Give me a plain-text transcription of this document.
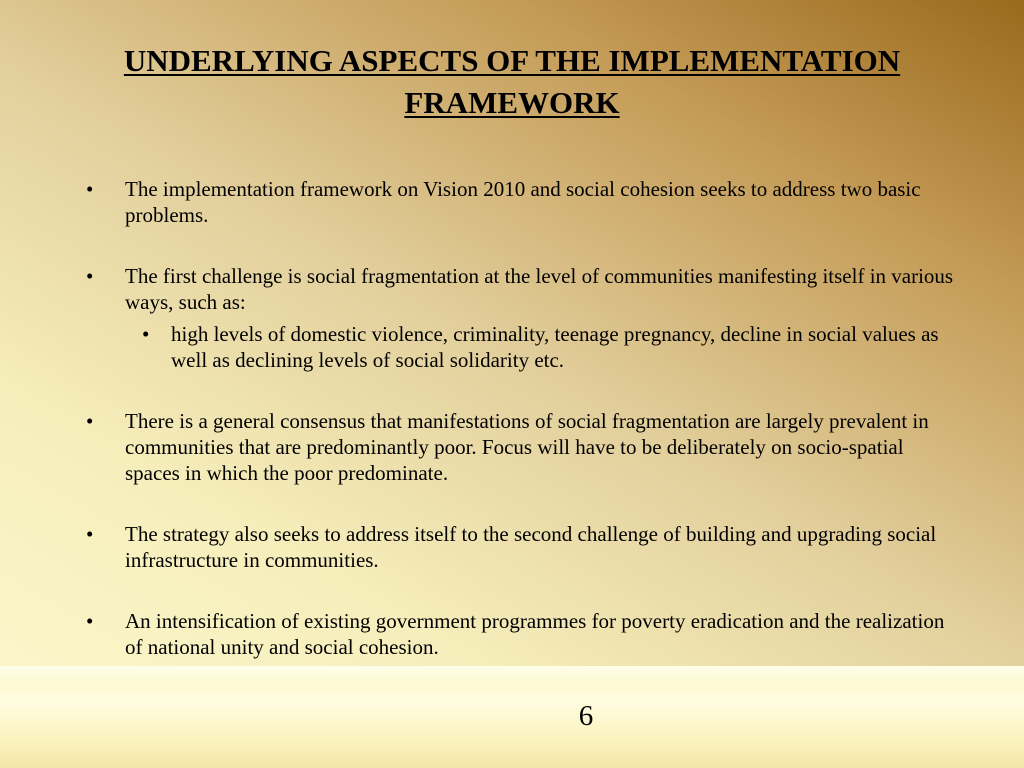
UNDERLYING ASPECTS OF THE IMPLEMENTATION
FRAMEWORK
• The implementation framework on Vision 2010 and social cohesion seeks to address two basic problems.
• The first challenge is social fragmentation at the level of communities manifesting itself in various ways, such as:
• high levels of domestic violence, criminality, teenage pregnancy, decline in social values as well as declining levels of social solidarity etc.
• There is a general consensus that manifestations of social fragmentation are largely prevalent in communities that are predominantly poor. Focus will have to be deliberately on socio-spatial spaces in which the poor predominate.
• The strategy also seeks to address itself to the second challenge of building and upgrading social infrastructure in communities.
• An intensification of existing government programmes for poverty eradication and the realization of national unity and social cohesion.
6
